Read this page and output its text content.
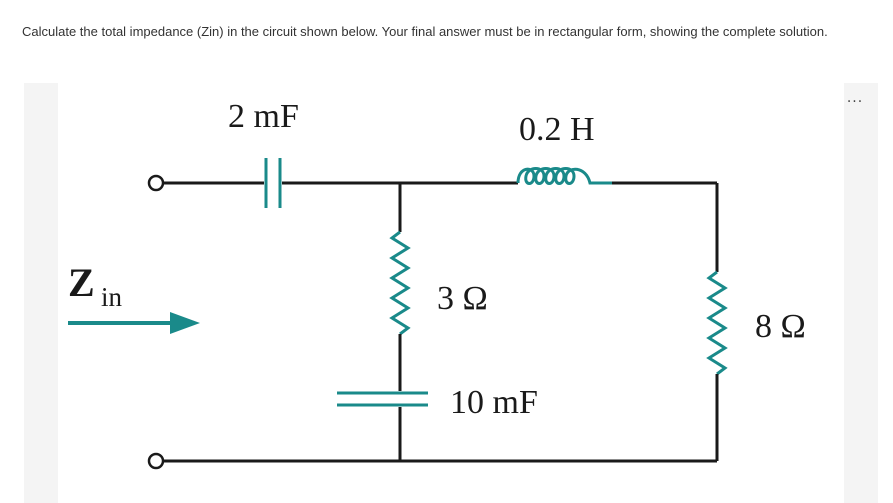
Calculate the total impedance (Zin) in the circuit shown below. Your final answer must be in rectangular form, showing the complete solution.
...
2 mF	0.2 H
3 Ω
10 mF
8 Ω
Z in
